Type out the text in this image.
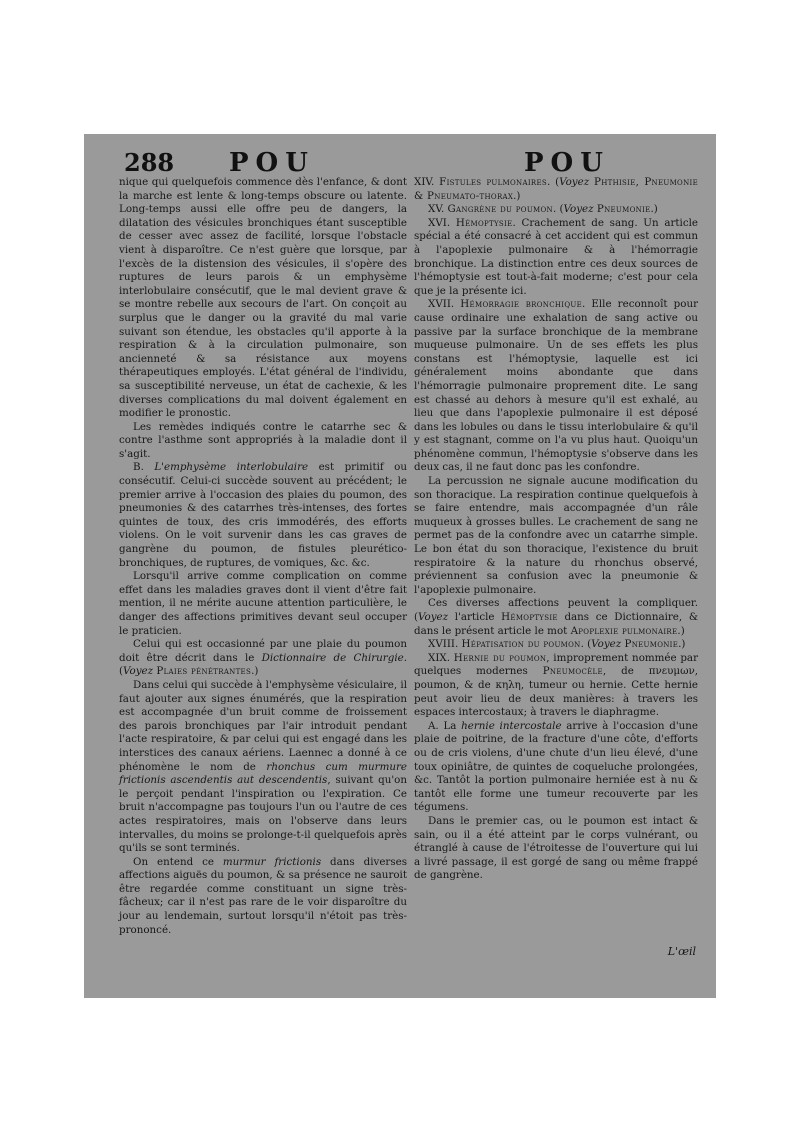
288 POU	POU

nique qui quelquefois commence dès l'enfance, & dont la marche est lente & long-temps obscure ou latente. Long-temps aussi elle offre peu de dangers, la dilatation des vésicules bronchiques étant susceptible de cesser avec assez de facilité, lorsque l'obstacle vient à disparoître. Ce n'est guère que lorsque, par l'excès de la distension des vésicules, il s'opère des ruptures de leurs parois & un emphysème interlobulaire consécutif, que le mal devient grave & se montre rebelle aux secours de l'art. On conçoit au surplus que le danger ou la gravité du mal varie suivant son étendue, les obstacles qu'il apporte à la respiration & à la circulation pulmonaire, son ancienneté & sa résistance aux moyens thérapeutiques employés. L'état général de l'individu, sa susceptibilité nerveuse, un état de cachexie, & les diverses complications du mal doivent également en modifier le pronostic.

Les remèdes indiqués contre le catarrhe sec & contre l'asthme sont appropriés à la maladie dont il s'agit.

B. L'emphysème interlobulaire est primitif ou consécutif. Celui-ci succède souvent au précédent; le premier arrive à l'occasion des plaies du poumon, des pneumonies & des catarrhes très-intenses, des fortes quintes de toux, des cris immodérés, des efforts violens. On le voit survenir dans les cas graves de gangrène du poumon, de fistules pleurético-bronchiques, de ruptures, de vomiques, &c. &c.

Lorsqu'il arrive comme complication on comme effet dans les maladies graves dont il vient d'être fait mention, il ne mérite aucune attention particulière, le danger des affections primitives devant seul occuper le praticien.

Celui qui est occasionné par une plaie du poumon doit être décrit dans le Dictionnaire de Chirurgie. (Voyez Plaies pénétrantes.)

Dans celui qui succède à l'emphysème vésiculaire, il faut ajouter aux signes énumérés, que la respiration est accompagnée d'un bruit comme de froissement des parois bronchiques par l'air introduit pendant l'acte respiratoire, & par celui qui est engagé dans les interstices des canaux aériens. Laennec a donné à ce phénomène le nom de rhonchus cum murmure frictionis ascendentis aut descendentis, suivant qu'on le perçoit pendant l'inspiration ou l'expiration. Ce bruit n'accompagne pas toujours l'un ou l'autre de ces actes respiratoires, mais on l'observe dans leurs intervalles, du moins se prolonge-t-il quelquefois après qu'ils se sont terminés.

On entend ce murmur frictionis dans diverses affections aiguës du poumon, & sa présence ne sauroit être regardée comme constituant un signe très-fâcheux; car il n'est pas rare de le voir disparoître du jour au lendemain, surtout lorsqu'il n'étoit pas très-prononcé.

XIV. Fistules pulmonaires. (Voyez Phthisie, Pneumonie & Pneumato-thorax.)

XV. Gangrène du poumon. (Voyez Pneumonie.)

XVI. Hémoptysie. Crachement de sang. Un article spécial a été consacré à cet accident qui est commun à l'apoplexie pulmonaire & à l'hémorragie bronchique. La distinction entre ces deux sources de l'hémoptysie est tout-à-fait moderne; c'est pour cela que je la présente ici.

XVII. Hémorragie bronchique. Elle reconnoît pour cause ordinaire une exhalation de sang active ou passive par la surface bronchique de la membrane muqueuse pulmonaire. Un de ses effets les plus constans est l'hémoptysie, laquelle est ici généralement moins abondante que dans l'hémorragie pulmonaire proprement dite. Le sang est chassé au dehors à mesure qu'il est exhalé, au lieu que dans l'apoplexie pulmonaire il est déposé dans les lobules ou dans le tissu interlobulaire & qu'il y est stagnant, comme on l'a vu plus haut. Quoiqu'un phénomène commun, l'hémoptysie s'observe dans les deux cas, il ne faut donc pas les confondre.

La percussion ne signale aucune modification du son thoracique. La respiration continue quelquefois à se faire entendre, mais accompagnée d'un râle muqueux à grosses bulles. Le crachement de sang ne permet pas de la confondre avec un catarrhe simple. Le bon état du son thoracique, l'existence du bruit respiratoire & la nature du rhonchus observé, préviennent sa confusion avec la pneumonie & l'apoplexie pulmonaire.

Ces diverses affections peuvent la compliquer. (Voyez l'article Hémoptysie dans ce Dictionnaire, & dans le présent article le mot Apoplexie pulmonaire.)

XVIII. Hépatisation du poumon. (Voyez Pneumonie.)

XIX. Hernie du poumon, improprement nommée par quelques modernes Pneumocèle, de πνευμων, poumon, & de κηλη, tumeur ou hernie. Cette hernie peut avoir lieu de deux manières: à travers les espaces intercostaux; à travers le diaphragme.

A. La hernie intercostale arrive à l'occasion d'une plaie de poitrine, de la fracture d'une côte, d'efforts ou de cris violens, d'une chute d'un lieu élevé, d'une toux opiniâtre, de quintes de coqueluche prolongées, &c. Tantôt la portion pulmonaire herniée est à nu & tantôt elle forme une tumeur recouverte par les tégumens.

Dans le premier cas, ou le poumon est intact & sain, ou il a été atteint par le corps vulnérant, ou étranglé à cause de l'étroitesse de l'ouverture qui lui a livré passage, il est gorgé de sang ou même frappé de gangrène.

L'œil
